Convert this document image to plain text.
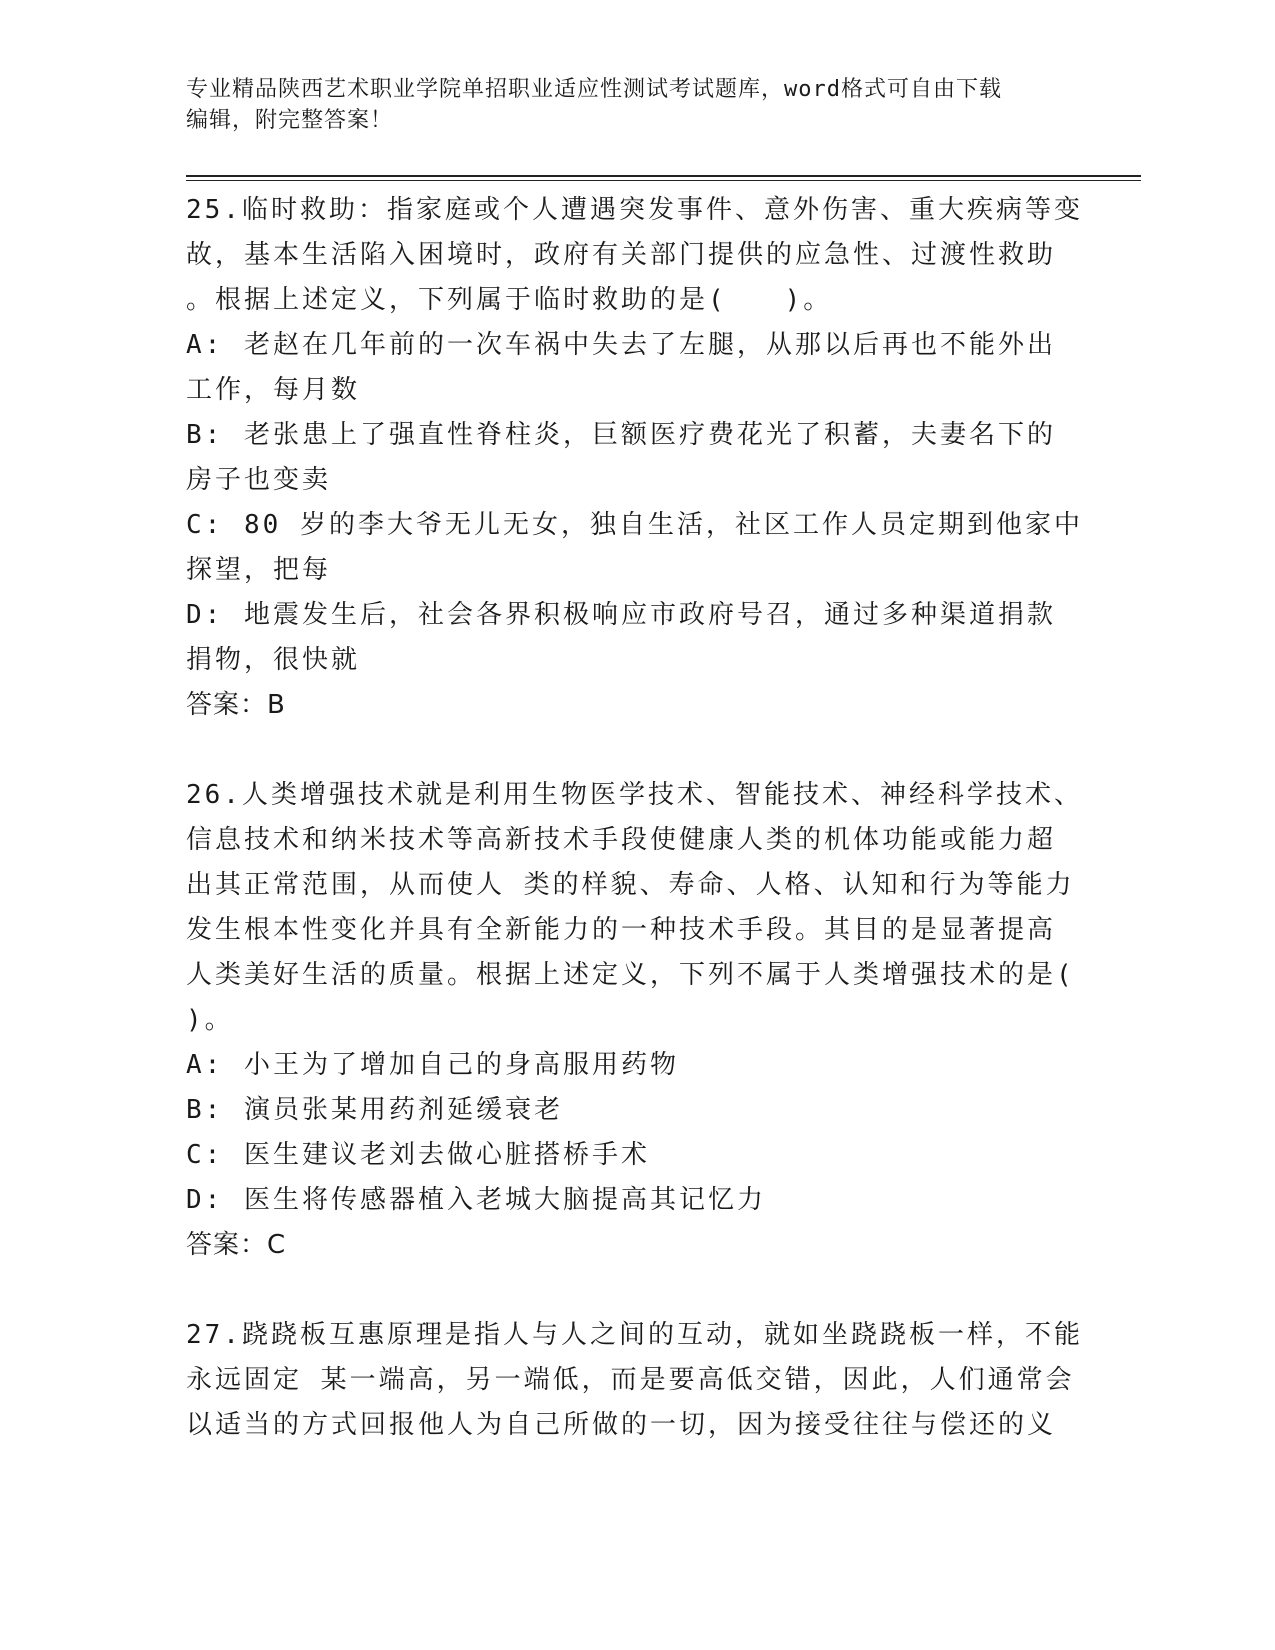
专业精品陕西艺术职业学院单招职业适应性测试考试题库，word格式可自由下载
编辑，附完整答案！

25.临时救助：指家庭或个人遭遇突发事件、意外伤害、重大疾病等变

故，基本生活陷入困境时，政府有关部门提供的应急性、过渡性救助

。根据上述定义，下列属于临时救助的是(　　)。

A: 老赵在几年前的一次车祸中失去了左腿，从那以后再也不能外出

工作，每月数

B: 老张患上了强直性脊柱炎，巨额医疗费花光了积蓄，夫妻名下的

房子也变卖

C: 80 岁的李大爷无儿无女，独自生活，社区工作人员定期到他家中

探望，把每

D: 地震发生后，社会各界积极响应市政府号召，通过多种渠道捐款

捐物，很快就

答案：B

26.人类增强技术就是利用生物医学技术、智能技术、神经科学技术、

信息技术和纳米技术等高新技术手段使健康人类的机体功能或能力超

出其正常范围，从而使人 类的样貌、寿命、人格、认知和行为等能力

发生根本性变化并具有全新能力的一种技术手段。其目的是显著提高

人类美好生活的质量。根据上述定义，下列不属于人类增强技术的是(

)。

A: 小王为了增加自己的身高服用药物
B: 演员张某用药剂延缓衰老
C: 医生建议老刘去做心脏搭桥手术
D: 医生将传感器植入老城大脑提高其记忆力

答案：C

27.跷跷板互惠原理是指人与人之间的互动，就如坐跷跷板一样，不能

永远固定 某一端高，另一端低，而是要高低交错，因此，人们通常会

以适当的方式回报他人为自己所做的一切，因为接受往往与偿还的义
